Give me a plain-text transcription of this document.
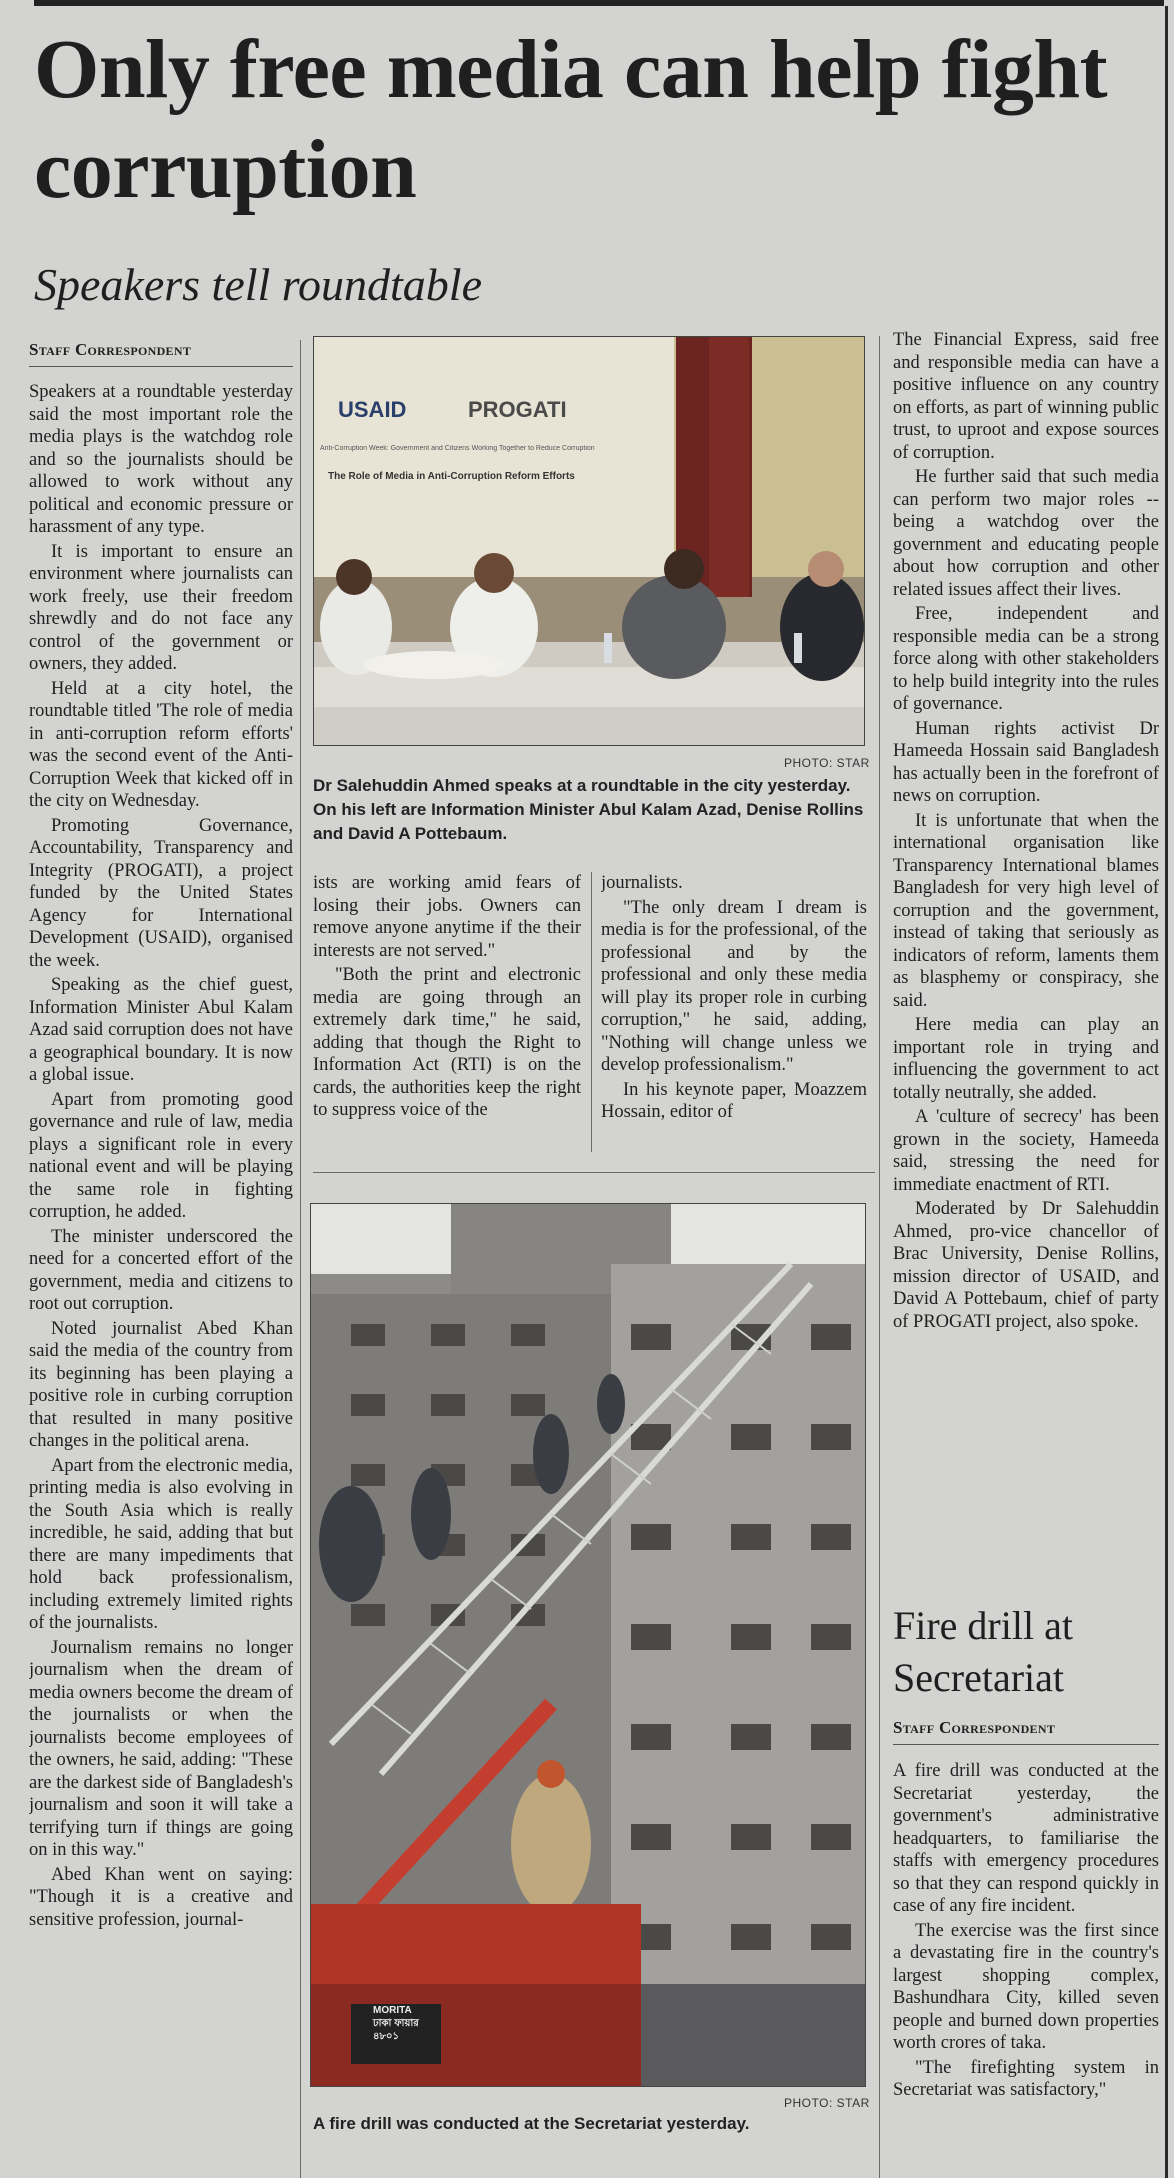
Only free media can help fight corruption
Speakers tell roundtable
Staff Correspondent

Speakers at a roundtable yesterday said the most important role the media plays is the watchdog role and so the journalists should be allowed to work without any political and economic pressure or harassment of any type.

It is important to ensure an environment where journalists can work freely, use their freedom shrewdly and do not face any control of the government or owners, they added.

Held at a city hotel, the roundtable titled 'The role of media in anti-corruption reform efforts' was the second event of the Anti-Corruption Week that kicked off in the city on Wednesday.

Promoting Governance, Accountability, Transparency and Integrity (PROGATI), a project funded by the United States Agency for International Development (USAID), organised the week.

Speaking as the chief guest, Information Minister Abul Kalam Azad said corruption does not have a geographical boundary. It is now a global issue.

Apart from promoting good governance and rule of law, media plays a significant role in every national event and will be playing the same role in fighting corruption, he added.

The minister underscored the need for a concerted effort of the government, media and citizens to root out corruption.

Noted journalist Abed Khan said the media of the country from its beginning has been playing a positive role in curbing corruption that resulted in many positive changes in the political arena.

Apart from the electronic media, printing media is also evolving in the South Asia which is really incredible, he said, adding that but there are many impediments that hold back professionalism, including extremely limited rights of the journalists.

Journalism remains no longer journalism when the dream of media owners become the dream of the journalists or when the journalists become employees of the owners, he said, adding: "These are the darkest side of Bangladesh's journalism and soon it will take a terrifying turn if things are going on in this way."

Abed Khan went on saying: "Though it is a creative and sensitive profession, journal-

USAID	PROGATI
Anti-Corruption Week: Government and Citizens Working Together to Reduce Corruption
The Role of Media in Anti-Corruption Reform Efforts
PHOTO: STAR
Dr Salehuddin Ahmed speaks at a roundtable in the city yesterday. On his left are Information Minister Abul Kalam Azad, Denise Rollins and David A Pottebaum.

ists are working amid fears of losing their jobs. Owners can remove anyone anytime if the their interests are not served."

"Both the print and electronic media are going through an extremely dark time," he said, adding that though the Right to Information Act (RTI) is on the cards, the authorities keep the right to suppress voice of the

journalists.

"The only dream I dream is media is for the professional, of the professional and by the professional and only these media will play its proper role in curbing corruption," he said, adding, "Nothing will change unless we develop professionalism."

In his keynote paper, Moazzem Hossain, editor of

MORITA
ঢাকা ফায়ার
৪৮০১
PHOTO: STAR
A fire drill was conducted at the Secretariat yesterday.

The Financial Express, said free and responsible media can have a positive influence on any country on efforts, as part of winning public trust, to uproot and expose sources of corruption.

He further said that such media can perform two major roles -- being a watchdog over the government and educating people about how corruption and other related issues affect their lives.

Free, independent and responsible media can be a strong force along with other stakeholders to help build integrity into the rules of governance.

Human rights activist Dr Hameeda Hossain said Bangladesh has actually been in the forefront of news on corruption.

It is unfortunate that when the international organisation like Transparency International blames Bangladesh for very high level of corruption and the government, instead of taking that seriously as indicators of reform, laments them as blasphemy or conspiracy, she said.

Here media can play an important role in trying and influencing the government to act totally neutrally, she added.

A 'culture of secrecy' has been grown in the society, Hameeda said, stressing the need for immediate enactment of RTI.

Moderated by Dr Salehuddin Ahmed, pro-vice chancellor of Brac University, Denise Rollins, mission director of USAID, and David A Pottebaum, chief of party of PROGATI project, also spoke.

Fire drill at Secretariat
Staff Correspondent

A fire drill was conducted at the Secretariat yesterday, the government's administrative headquarters, to familiarise the staffs with emergency procedures so that they can respond quickly in case of any fire incident.

The exercise was the first since a devastating fire in the country's largest shopping complex, Bashundhara City, killed seven people and burned down properties worth crores of taka.

"The firefighting system in Secretariat was satisfactory,"
